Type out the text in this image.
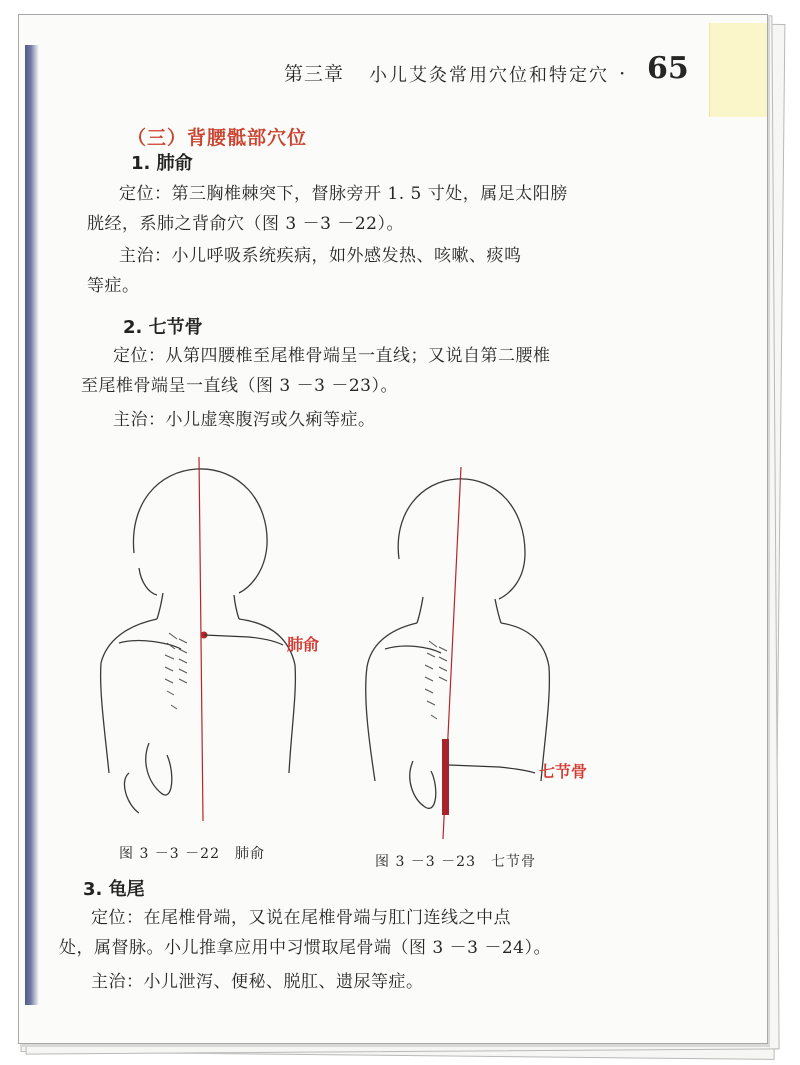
第三章 小儿艾灸常用穴位和特定穴 · 65
（三）背腰骶部穴位
1. 肺俞
定位：第三胸椎棘突下，督脉旁开 1. 5 寸处，属足太阳膀
胱经，系肺之背俞穴（图 3 －3 －22）。
主治：小儿呼吸系统疾病，如外感发热、咳嗽、痰鸣
等症。
2. 七节骨
定位：从第四腰椎至尾椎骨端呈一直线；又说自第二腰椎
至尾椎骨端呈一直线（图 3 －3 －23）。
主治：小儿虚寒腹泻或久痢等症。
肺俞
图 3 －3 －22　肺俞
七节骨
图 3 －3 －23　七节骨
3. 龟尾
定位：在尾椎骨端，又说在尾椎骨端与肛门连线之中点
处，属督脉。小儿推拿应用中习惯取尾骨端（图 3 －3 －24）。
主治：小儿泄泻、便秘、脱肛、遗尿等症。
